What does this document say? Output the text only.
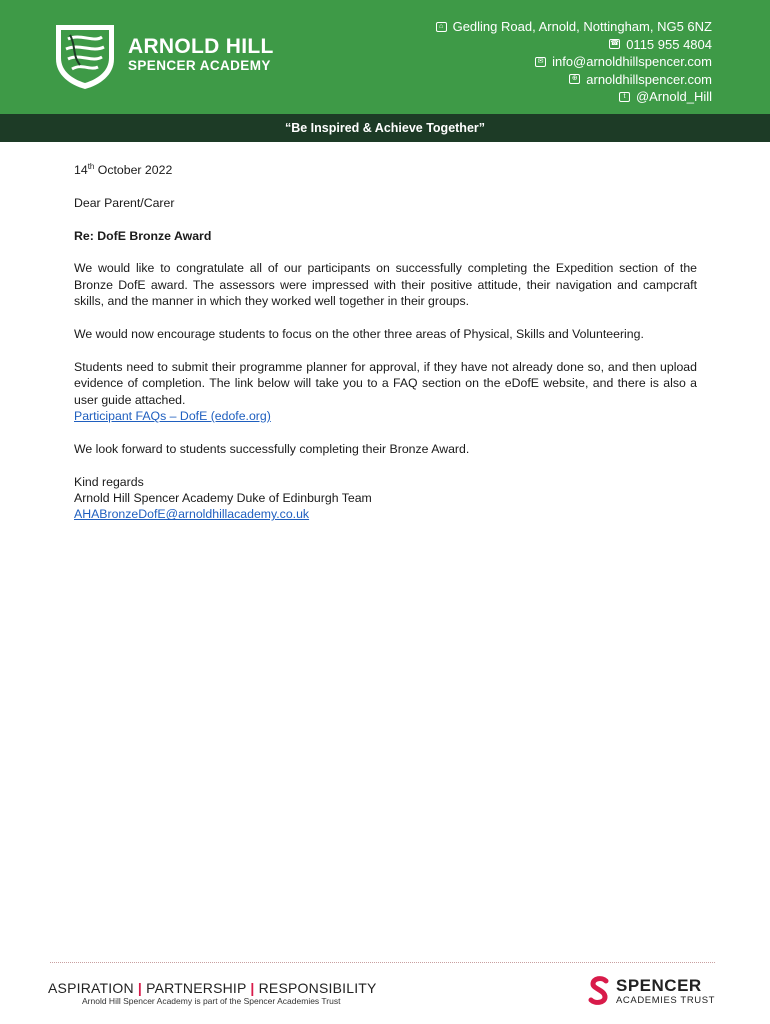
ARNOLD HILL
SPENCER ACADEMY
⌂ Gedling Road, Arnold, Nottingham, NG5 6NZ
☎ 0115 955 4804
✉ info@arnoldhillspencer.com
⊕ arnoldhillspencer.com
t @Arnold_Hill
“Be Inspired & Achieve Together”

14th October 2022

Dear Parent/Carer

Re: DofE Bronze Award

We would like to congratulate all of our participants on successfully completing the Expedition section of the Bronze DofE award. The assessors were impressed with their positive attitude, their navigation and campcraft skills, and the manner in which they worked well together in their groups.

We would now encourage students to focus on the other three areas of Physical, Skills and Volunteering.

Students need to submit their programme planner for approval, if they have not already done so, and then upload evidence of completion. The link below will take you to a FAQ section on the eDofE website, and there is also a user guide attached.

Participant FAQs – DofE (edofe.org)

We look forward to students successfully completing their Bronze Award.

Kind regards
Arnold Hill Spencer Academy Duke of Edinburgh Team
AHABronzeDofE@arnoldhillacademy.co.uk
ASPIRATION | PARTNERSHIP | RESPONSIBILITY
Arnold Hill Spencer Academy is part of the Spencer Academies Trust
SPENCER
ACADEMIES TRUST
